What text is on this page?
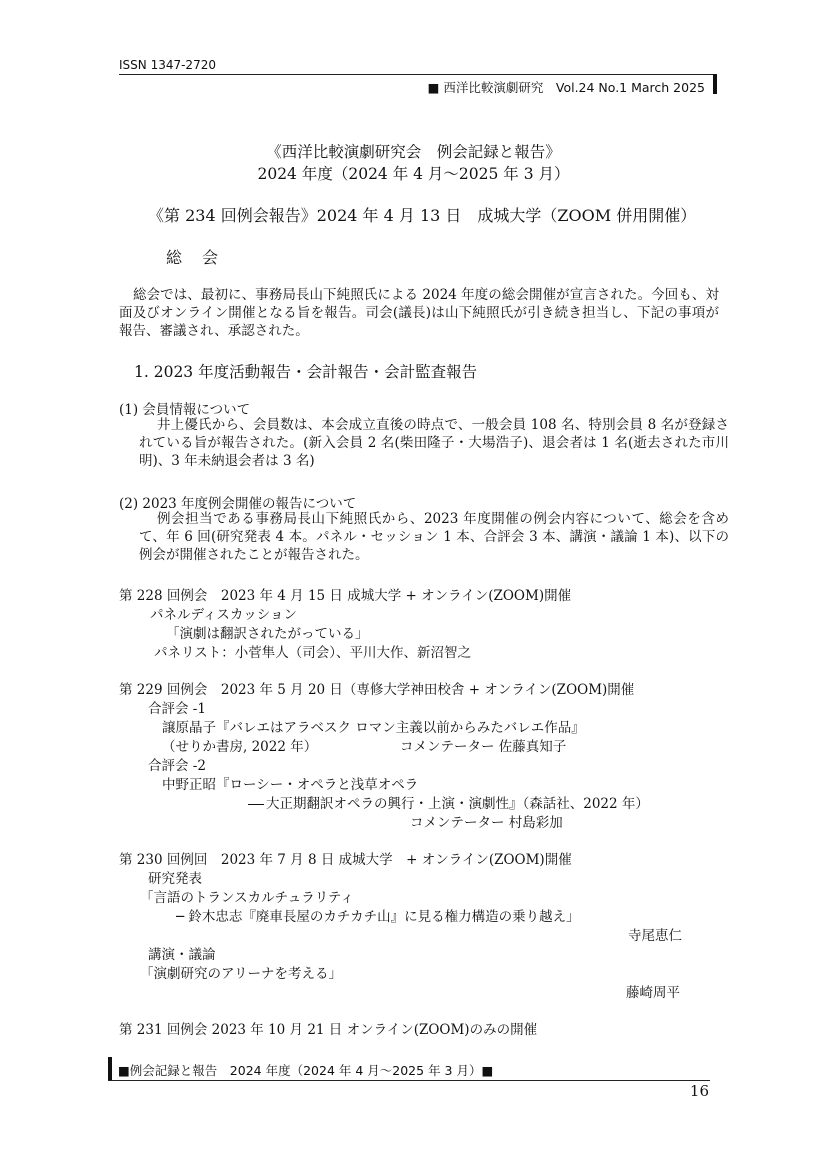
ISSN 1347-2720
■ 西洋比較演劇研究　Vol.24 No.1 March 2025
《西洋比較演劇研究会　例会記録と報告》
2024 年度（2024 年 4 月～2025 年 3 月）
《第 234 回例会報告》2024 年 4 月 13 日　成城大学（ZOOM 併用開催）
総会
総会では、最初に、事務局長山下純照氏による 2024 年度の総会開催が宣言された。今回も、対面及びオンライン開催となる旨を報告。司会(議長)は山下純照氏が引き続き担当し、下記の事項が報告、審議され、承認された。
1. 2023 年度活動報告・会計報告・会計監査報告
(1) 会員情報について
井上優氏から、会員数は、本会成立直後の時点で、一般会員 108 名、特別会員 8 名が登録されている旨が報告された。(新入会員 2 名(柴田隆子・大場浩子)、退会者は 1 名(逝去された市川明)、3 年未納退会者は 3 名)
(2) 2023 年度例会開催の報告について
例会担当である事務局長山下純照氏から、2023 年度開催の例会内容について、総会を含めて、年 6 回(研究発表 4 本。パネル・セッション 1 本、合評会 3 本、講演・議論 1 本)、以下の例会が開催されたことが報告された。
第 228 回例会　2023 年 4 月 15 日 成城大学 + オンライン(ZOOM)開催
パネルディスカッション
「演劇は翻訳されたがっている」
パネリスト：小菅隼人（司会）、平川大作、新沼智之
第 229 回例会　2023 年 5 月 20 日（専修大学神田校舎 + オンライン(ZOOM)開催
合評会 -1
譲原晶子『バレエはアラベスク ロマン主義以前からみたバレエ作品』
（せりか書房, 2022 年）	コメンテーター 佐藤真知子
合評会 -2
中野正昭『ローシー・オペラと浅草オペラ
大正期翻訳オペラの興行・上演・演劇性』（森話社、2022 年）
コメンテーター 村島彩加
第 230 回例回　2023 年 7 月 8 日 成城大学　+ オンライン(ZOOM)開催
研究発表
「言語のトランスカルチュラリティ
─ 鈴木忠志『廃車長屋のカチカチ山』に見る権力構造の乗り越え」
寺尾恵仁
講演・議論
「演劇研究のアリーナを考える」
藤崎周平
第 231 回例会 2023 年 10 月 21 日 オンライン(ZOOM)のみの開催
■例会記録と報告　2024 年度（2024 年 4 月～2025 年 3 月）■
16
